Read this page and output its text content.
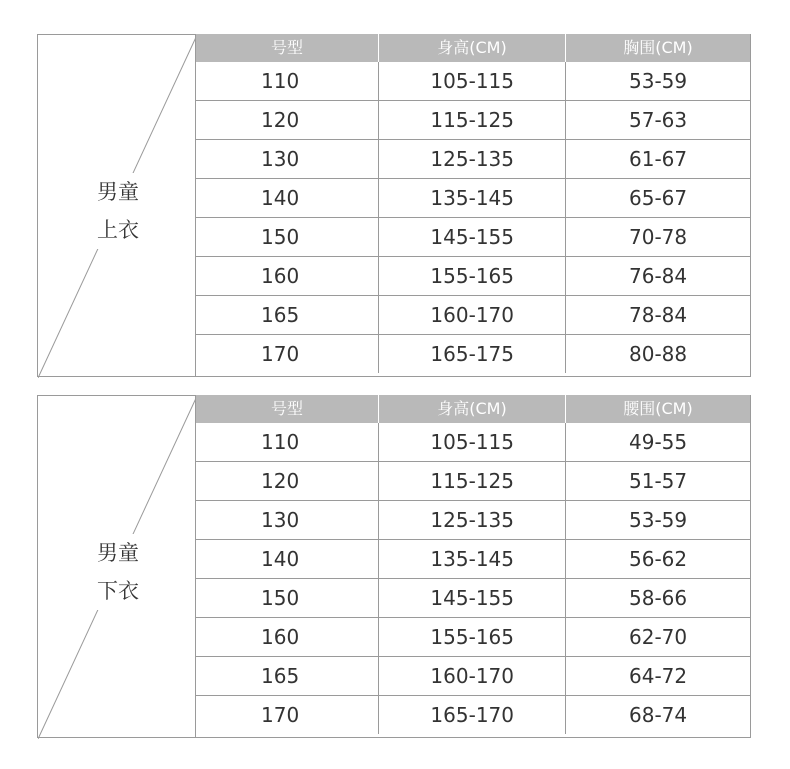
男童
上衣
号型	身高(CM)	胸围(CM)
110	105-115	53-59
120	115-125	57-63
130	125-135	61-67
140	135-145	65-67
150	145-155	70-78
160	155-165	76-84
165	160-170	78-84
170	165-175	80-88
男童
下衣
号型	身高(CM)	腰围(CM)
110	105-115	49-55
120	115-125	51-57
130	125-135	53-59
140	135-145	56-62
150	145-155	58-66
160	155-165	62-70
165	160-170	64-72
170	165-170	68-74
